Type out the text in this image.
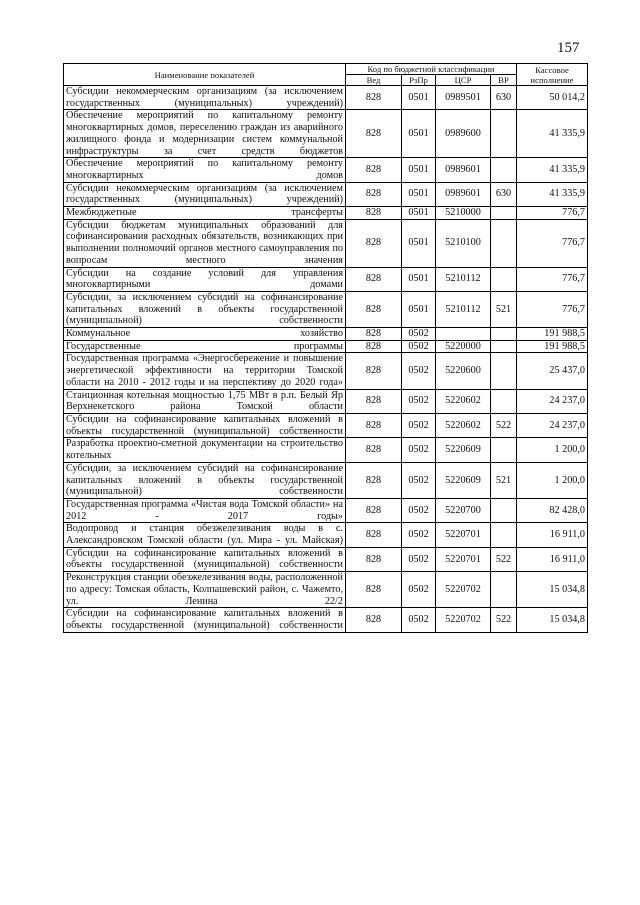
157
Наименование показателей	Код по бюджетной классификации				Кассовое исполнение
	Вед	РзПр	ЦСР	ВР	
Субсидии некоммерческим организациям (за исключением государственных (муниципальных) учреждений)	828	0501	0989501	630	50 014,2
Обеспечение мероприятий по капитальному ремонту многоквартирных домов, переселению граждан из аварийного жилищного фонда и модернизации систем коммунальной инфраструктуры за счет средств бюджетов	828	0501	0989600		41 335,9
Обеспечение мероприятий по капитальному ремонту многоквартирных домов	828	0501	0989601		41 335,9
Субсидии некоммерческим организациям (за исключением государственных (муниципальных) учреждений)	828	0501	0989601	630	41 335,9
Межбюджетные трансферты	828	0501	5210000		776,7
Субсидии бюджетам муниципальных образований для софинансирования расходных обязательств, возникающих при выполнении полномочий органов местного самоуправления по вопросам местного значения	828	0501	5210100		776,7
Субсидии на создание условий для управления многоквартирными домами	828	0501	5210112		776,7
Субсидии, за исключением субсидий на софинансирование капитальных вложений в объекты государственной (муниципальной) собственности	828	0501	5210112	521	776,7
Коммунальное хозяйство	828	0502			191 988,5
Государственные программы	828	0502	5220000		191 988,5
Государственная программа «Энергосбережение и повышение энергетической эффективности на территории Томской области на 2010 - 2012 годы и на перспективу до 2020 года»	828	0502	5220600		25 437,0
Станционная котельная мощностью 1,75 МВт в р.п. Белый Яр Верхнекетского района Томской области	828	0502	5220602		24 237,0
Субсидии на софинансирование капитальных вложений в объекты государственной (муниципальной) собственности	828	0502	5220602	522	24 237,0
Разработка проектно-сметной документации на строительство котельных	828	0502	5220609		1 200,0
Субсидии, за исключением субсидий на софинансирование капитальных вложений в объекты государственной (муниципальной) собственности	828	0502	5220609	521	1 200,0
Государственная программа «Чистая вода Томской области» на 2012 - 2017 годы»	828	0502	5220700		82 428,0
Водопровод и станция обезжелезивания воды в с. Александровском Томской области (ул. Мира - ул. Майская)	828	0502	5220701		16 911,0
Субсидии на софинансирование капитальных вложений в объекты государственной (муниципальной) собственности	828	0502	5220701	522	16 911,0
Реконструкция станции обезжелезивания воды, расположенной по адресу: Томская область, Колпашевский район, с. Чажемто, ул. Ленина 22/2	828	0502	5220702		15 034,8
Субсидии на софинансирование капитальных вложений в объекты государственной (муниципальной) собственности	828	0502	5220702	522	15 034,8
